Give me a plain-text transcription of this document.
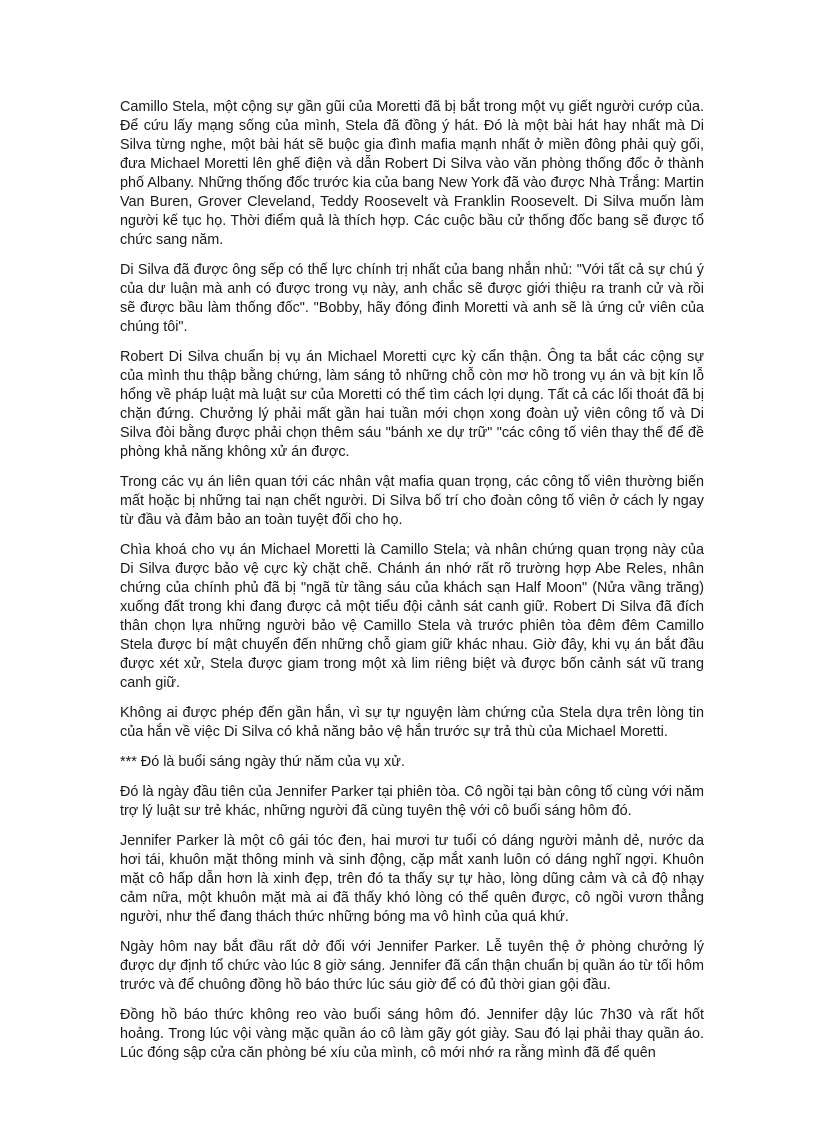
Camillo Stela, một cộng sự gần gũi của Moretti đã bị bắt trong một vụ giết người cướp của. Để cứu lấy mạng sống của mình, Stela đã đồng ý hát. Đó là một bài hát hay nhất mà Di Silva từng nghe, một bài hát sẽ buộc gia đình mafia mạnh nhất ở miền đông phải quỳ gối, đưa Michael Moretti lên ghế điện và dẫn Robert Di Silva vào văn phòng thống đốc ở thành phố Albany. Những thống đốc trước kia của bang New York đã vào được Nhà Trắng: Martin Van Buren, Grover Cleveland, Teddy Roosevelt và Franklin Roosevelt. Di Silva muốn làm người kế tục họ. Thời điểm quả là thích hợp. Các cuộc bầu cử thống đốc bang sẽ được tổ chức sang năm.

Di Silva đã được ông sếp có thế lực chính trị nhất của bang nhắn nhủ: "Với tất cả sự chú ý của dư luận mà anh có được trong vụ này, anh chắc sẽ được giới thiệu ra tranh cử và rồi sẽ được bầu làm thống đốc". "Bobby, hãy đóng đinh Moretti và anh sẽ là ứng cử viên của chúng tôi".

Robert Di Silva chuẩn bị vụ án Michael Moretti cực kỳ cẩn thận. Ông ta bắt các cộng sự của mình thu thập bằng chứng, làm sáng tỏ những chỗ còn mơ hồ trong vụ án và bịt kín lỗ hổng về pháp luật mà luật sư của Moretti có thể tìm cách lợi dụng. Tất cả các lối thoát đã bị chặn đứng. Chưởng lý phải mất gần hai tuần mới chọn xong đoàn uỷ viên công tố và Di Silva đòi bằng được phải chọn thêm sáu "bánh xe dự trữ" "các công tố viên thay thế để đề phòng khả năng không xử án được.

Trong các vụ án liên quan tới các nhân vật mafia quan trọng, các công tố viên thường biến mất hoặc bị những tai nạn chết người. Di Silva bố trí cho đoàn công tố viên ở cách ly ngay từ đầu và đảm bảo an toàn tuyệt đối cho họ.

Chìa khoá cho vụ án Michael Moretti là Camillo Stela; và nhân chứng quan trọng này của Di Silva được bảo vệ cực kỳ chặt chẽ. Chánh án nhớ rất rõ trường hợp Abe Reles, nhân chứng của chính phủ đã bị "ngã từ tầng sáu của khách sạn Half Moon" (Nửa vầng trăng) xuống đất trong khi đang được cả một tiểu đội cảnh sát canh giữ. Robert Di Silva đã đích thân chọn lựa những người bảo vệ Camillo Stela và trước phiên tòa đêm đêm Camillo Stela được bí mật chuyển đến những chỗ giam giữ khác nhau. Giờ đây, khi vụ án bắt đầu được xét xử, Stela được giam trong một xà lim riêng biệt và được bốn cảnh sát vũ trang canh giữ.

Không ai được phép đến gần hắn, vì sự tự nguyện làm chứng của Stela dựa trên lòng tin của hắn về việc Di Silva có khả năng bảo vệ hắn trước sự trả thù của Michael Moretti.

*** Đó là buổi sáng ngày thứ năm của vụ xử.

Đó là ngày đầu tiên của Jennifer Parker tại phiên tòa. Cô ngồi tại bàn công tố cùng với năm trợ lý luật sư trẻ khác, những người đã cùng tuyên thệ với cô buổi sáng hôm đó.

Jennifer Parker là một cô gái tóc đen, hai mươi tư tuổi có dáng người mảnh dẻ, nước da hơi tái, khuôn mặt thông minh và sinh động, cặp mắt xanh luôn có dáng nghĩ ngợi. Khuôn mặt cô hấp dẫn hơn là xinh đẹp, trên đó ta thấy sự tự hào, lòng dũng cảm và cả độ nhạy cảm nữa, một khuôn mặt mà ai đã thấy khó lòng có thể quên được, cô ngồi vươn thẳng người, như thể đang thách thức những bóng ma vô hình của quá khứ.

Ngày hôm nay bắt đầu rất dở đối với Jennifer Parker. Lễ tuyên thệ ở phòng chưởng lý được dự định tổ chức vào lúc 8 giờ sáng. Jennifer đã cẩn thận chuẩn bị quần áo từ tối hôm trước và để chuông đồng hồ báo thức lúc sáu giờ để có đủ thời gian gội đầu.

Đồng hồ báo thức không reo vào buổi sáng hôm đó. Jennifer dậy lúc 7h30 và rất hốt hoảng. Trong lúc vội vàng mặc quần áo cô làm gãy gót giày. Sau đó lại phải thay quần áo. Lúc đóng sập cửa căn phòng bé xíu của mình, cô mới nhớ ra rằng mình đã để quên
